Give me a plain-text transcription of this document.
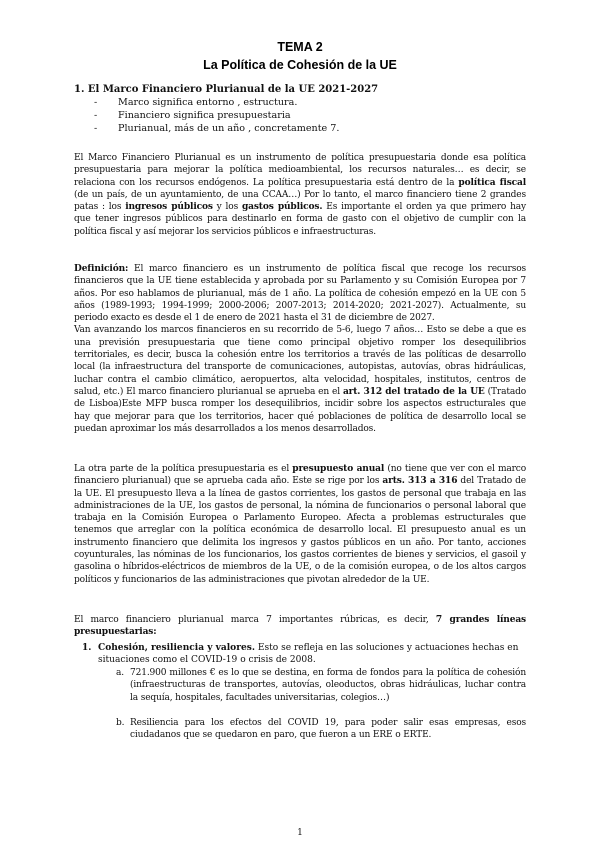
TEMA 2
La Política de Cohesión de la UE
1. El Marco Financiero Plurianual de la UE 2021-2027
- Marco significa entorno , estructura.
- Financiero significa presupuestaria
- Plurianual, más de un año , concretamente 7.
El Marco Financiero Plurianual es un instrumento de política presupuestaria donde esa política presupuestaria para mejorar la política medioambiental, los recursos naturales… es decir, se relaciona con los recursos endógenos. La política presupuestaria está dentro de la política fiscal (de un país, de un ayuntamiento, de una CCAA…) Por lo tanto, el marco financiero tiene 2 grandes patas : los ingresos públicos y los gastos públicos. Es importante el orden ya que primero hay que tener ingresos públicos para destinarlo en forma de gasto con el objetivo de cumplir con la política fiscal y así mejorar los servicios públicos e infraestructuras.
Definición: El marco financiero es un instrumento de política fiscal que recoge los recursos financieros que la UE tiene establecida y aprobada por su Parlamento y su Comisión Europea por 7 años. Por eso hablamos de plurianual, más de 1 año. La política de cohesión empezó en la UE con 5 años (1989-1993; 1994-1999; 2000-2006; 2007-2013; 2014-2020; 2021-2027). Actualmente, su periodo exacto es desde el 1 de enero de 2021 hasta el 31 de diciembre de 2027.
Van avanzando los marcos financieros en su recorrido de 5-6, luego 7 años… Esto se debe a que es una previsión presupuestaria que tiene como principal objetivo romper los desequilibrios territoriales, es decir, busca la cohesión entre los territorios a través de las políticas de desarrollo local (la infraestructura del transporte de comunicaciones, autopistas, autovías, obras hidráulicas, luchar contra el cambio climático, aeropuertos, alta velocidad, hospitales, institutos, centros de salud, etc.) El marco financiero plurianual se aprueba en el art. 312 del tratado de la UE (Tratado de Lisboa)Este MFP busca romper los desequilibrios, incidir sobre los aspectos estructurales que hay que mejorar para que los territorios, hacer qué poblaciones de política de desarrollo local se puedan aproximar los más desarrollados a los menos desarrollados.
La otra parte de la política presupuestaria es el presupuesto anual (no tiene que ver con el marco financiero plurianual) que se aprueba cada año. Este se rige por los arts. 313 a 316 del Tratado de la UE. El presupuesto lleva a la línea de gastos corrientes, los gastos de personal que trabaja en las administraciones de la UE, los gastos de personal, la nómina de funcionarios o personal laboral que trabaja en la Comisión Europea o Parlamento Europeo. Afecta a problemas estructurales que tenemos que arreglar con la política económica de desarrollo local. El presupuesto anual es un instrumento financiero que delimita los ingresos y gastos públicos en un año. Por tanto, acciones coyunturales, las nóminas de los funcionarios, los gastos corrientes de bienes y servicios, el gasoil y gasolina o híbridos-eléctricos de miembros de la UE, o de la comisión europea, o de los altos cargos políticos y funcionarios de las administraciones que pivotan alrededor de la UE.
El marco financiero plurianual marca 7 importantes rúbricas, es decir, 7 grandes líneas presupuestarias:
1. Cohesión, resiliencia y valores. Esto se refleja en las soluciones y actuaciones hechas en situaciones como el COVID-19 o crisis de 2008.
a. 721.900 millones € es lo que se destina, en forma de fondos para la política de cohesión (infraestructuras de transportes, autovías, oleoductos, obras hidráulicas, luchar contra la sequía, hospitales, facultades universitarias, colegios…)
b. Resiliencia para los efectos del COVID 19, para poder salir esas empresas, esos ciudadanos que se quedaron en paro, que fueron a un ERE o ERTE.
1
